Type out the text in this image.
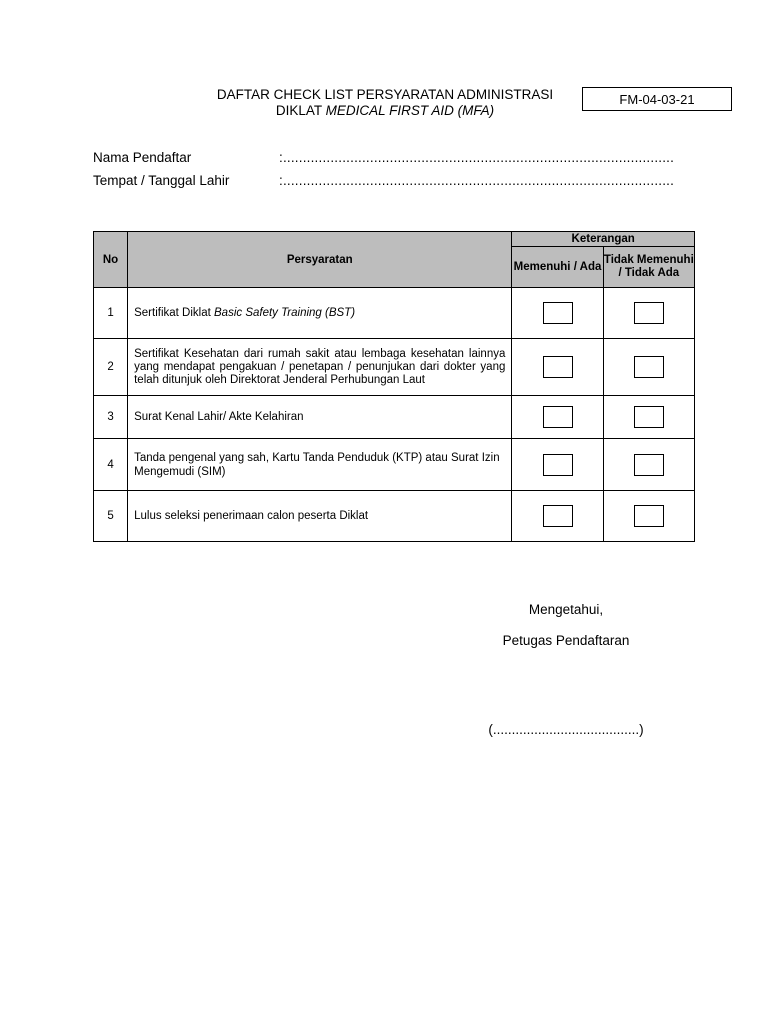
DAFTAR CHECK LIST PERSYARATAN ADMINISTRASI
DIKLAT MEDICAL FIRST AID (MFA)
FM-04-03-21
Nama Pendaftar	:...................................................................................................
Tempat / Tanggal Lahir	:...................................................................................................
No	Persyaratan	Keterangan	
		Memenuhi / Ada	Tidak Memenuhi / Tidak Ada
1	Sertifikat Diklat Basic Safety Training (BST)		
2	Sertifikat Kesehatan dari rumah sakit atau lembaga kesehatan lainnya yang mendapat pengakuan / penetapan / penunjukan dari dokter yang telah ditunjuk oleh Direktorat Jenderal Perhubungan Laut		
3	Surat Kenal Lahir/ Akte Kelahiran		
4	Tanda pengenal yang sah, Kartu Tanda Penduduk (KTP) atau Surat Izin Mengemudi (SIM)		
5	Lulus seleksi penerimaan calon peserta Diklat		
Mengetahui,
Petugas Pendaftaran
(.......................................)
